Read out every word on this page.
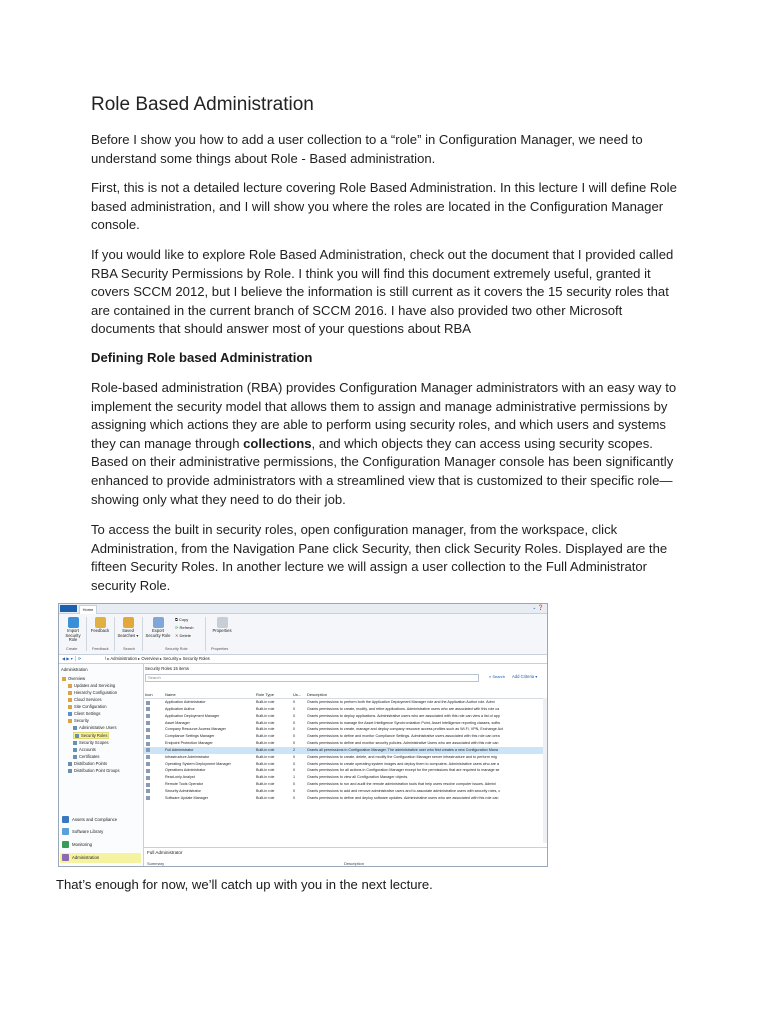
Role Based Administration

Before I show you how to add a user collection to a “role” in Configuration Manager, we need to understand some things about Role - Based administration.

First, this is not a detailed lecture covering Role Based Administration. In this lecture I will define Role based administration, and I will show you where the roles are located in the Configuration Manager console.

If you would like to explore Role Based Administration, check out the document that I provided called RBA Security Permissions by Role. I think you will find this document extremely useful, granted it covers SCCM 2012, but I believe the information is still current as it covers the 15 security roles that are contained in the current branch of SCCM 2016. I have also provided two other Microsoft documents that should answer most of your questions about RBA

Defining Role based Administration

Role-based administration (RBA) provides Configuration Manager administrators with an easy way to implement the security model that allows them to assign and manage administrative permissions by assigning which actions they are able to perform using security roles, and which users and systems they can manage through collections, and which objects they can access using security scopes. Based on their administrative permissions, the Configuration Manager console has been significantly enhanced to provide administrators with a streamlined view that is customized to their specific role—showing only what they need to do their job.

To access the built in security roles, open configuration manager, from the workspace, click Administration, from the Navigation Pane click Security, then click Security Roles. Displayed are the fifteen Security Roles. In another lecture we will assign a user collection to the Full Administrator security Role.

Home	⌄ ❓
Import Security Role
Feedback	Saved Searches ▾
Export Security Role
⧉ Copy
⟳ Refresh
✕ Delete
Properties
Create	Feedback	Search	Security Role	Properties
◀ ▶ ▾ │ ⟳	\ ▸ Administration ▸ Overview ▸ Security ▸ Security Roles
Administration
Overview
Updates and Servicing
Hierarchy Configuration
Cloud Services
Site Configuration
Client Settings
Security
Administrative Users
Security Roles
Security Scopes
Accounts
Certificates
Distribution Points
Distribution Point Groups
Assets and Compliance
Software Library
Monitoring
Administration
Security Roles 15 items
Search	⌕ Search Add Criteria ▾
Icon	Name	Role Type	Us... Description
Application Administrator	Built-in role	0	Grants permissions to perform both the Application Deployment Manager role and the Application Author role. Admi
Application Author	Built-in role	0	Grants permissions to create, modify, and retire applications. Administrative users who are associated with this role ca
Application Deployment Manager	Built-in role	0	Grants permissions to deploy applications. Administrative users who are associated with this role can view a list of app
Asset Manager	Built-in role	0	Grants permissions to manage the Asset Intelligence Synchronization Point, Asset Intelligence reporting classes, softw
Company Resource Access Manager	Built-in role	0	Grants permissions to create, manage and deploy company resource access profiles such as Wi-Fi, VPN, Exchange Act
Compliance Settings Manager	Built-in role	0	Grants permissions to define and monitor Compliance Settings. Administrative users associated with this role can crea
Endpoint Protection Manager	Built-in role	0	Grants permissions to define and monitor security policies. Administrative Users who are associated with this role can
Full Administrator	Built-in role	2	Grants all permissions in Configuration Manager. The administrative user who first creates a new Configuration Mana
Infrastructure Administrator	Built-in role	0	Grants permissions to create, delete, and modify the Configuration Manager server infrastructure and to perform mig
Operating System Deployment Manager	Built-in role	0	Grants permissions to create operating system images and deploy them to computers. Administrative users who are a
Operations Administrator	Built-in role	0	Grants permissions for all actions in Configuration Manager except for the permissions that are required to manage se
Read-only Analyst	Built-in role	1	Grants permissions to view all Configuration Manager objects.
Remote Tools Operator	Built-in role	0	Grants permissions to run and audit the remote administration tools that help users resolve computer issues. Admini
Security Administrator	Built-in role	0	Grants permissions to add and remove administrative users and to associate administrative users with security roles, c
Software Update Manager	Built-in role	0	Grants permissions to define and deploy software updates. Administrative users who are associated with this role can
Full Administrator
Summary	Description

That’s enough for now, we’ll catch up with you in the next lecture.
